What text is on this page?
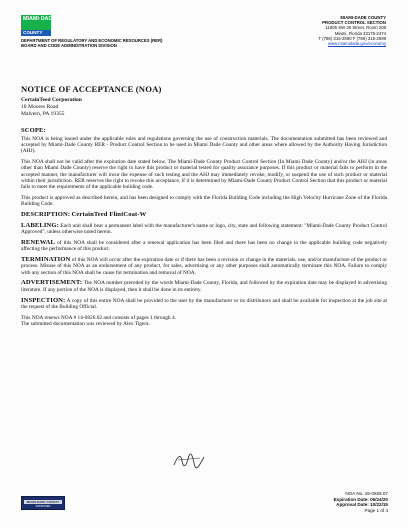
MIAMI·DADE
COUNTY
DEPARTMENT OF REGULATORY AND ECONOMIC RESOURCES (RER)
BOARD AND CODE ADMINISTRATION DIVISION
MIAMI-DADE COUNTY
PRODUCT CONTROL SECTION
11805 SW 26 Street, Room 208
Miami, Florida 33175-2474
T (786) 315-2590 F (786) 315-2599
www.miamidade.gov/economy
NOTICE OF ACCEPTANCE (NOA)
CertainTeed Corporation
18 Moores Road
Malvern, PA 19355

SCOPE:

This NOA is being issued under the applicable rules and regulations governing the use of construction materials. The documentation submitted has been reviewed and accepted by Miami-Dade County RER - Product Control Section to be used in Miami Dade County and other areas where allowed by the Authority Having Jurisdiction (AHJ).

This NOA shall not be valid after the expiration date stated below. The Miami-Dade County Product Control Section (In Miami Dade County) and/or the AHJ (in areas other than Miami Dade County) reserve the right to have this product or material tested for quality assurance purposes. If this product or material fails to perform in the accepted manner, the manufacturer will incur the expense of such testing and the AHJ may immediately revoke, modify, or suspend the use of such product or material within their jurisdiction. RER reserves the right to revoke this acceptance, if it is determined by Miami-Dade County Product Control Section that this product or material fails to meet the requirements of the applicable building code.

This product is approved as described herein, and has been designed to comply with the Florida Building Code including the High Velocity Hurricane Zone of the Florida Building Code.

DESCRIPTION: CertainTeed FlintCoat-W

LABELING: Each unit shall bear a permanent label with the manufacturer's name or logo, city, state and following statement: "Miami-Dade County Product Control Approved", unless otherwise noted herein.

RENEWAL of this NOA shall be considered after a renewal application has been filed and there has been no change in the applicable building code negatively affecting the performance of this product.

TERMINATION of this NOA will occur after the expiration date or if there has been a revision or change in the materials, use, and/or manufacture of the product or process. Misuse of this NOA as an endorsement of any product, for sales, advertising or any other purposes shall automatically terminate this NOA. Failure to comply with any section of this NOA shall be cause for termination and removal of NOA.

ADVERTISEMENT: The NOA number preceded by the words Miami-Dade County, Florida, and followed by the expiration date may be displayed in advertising literature. If any portion of the NOA is displayed, then it shall be done in its entirety.

INSPECTION: A copy of this entire NOA shall be provided to the user by the manufacturer or its distributors and shall be available for inspection at the job site at the request of the Building Official.

This NOA renews NOA # 14-0826.02 and consists of pages 1 through 4.
The submitted documentation was reviewed by Alex Tigera.

MIAMI-DADE COUNTY
APPROVED
NOA No. 15-0826.07
Expiration Date: 06/24/20
Approval Date: 10/22/15
Page 1 of 4
